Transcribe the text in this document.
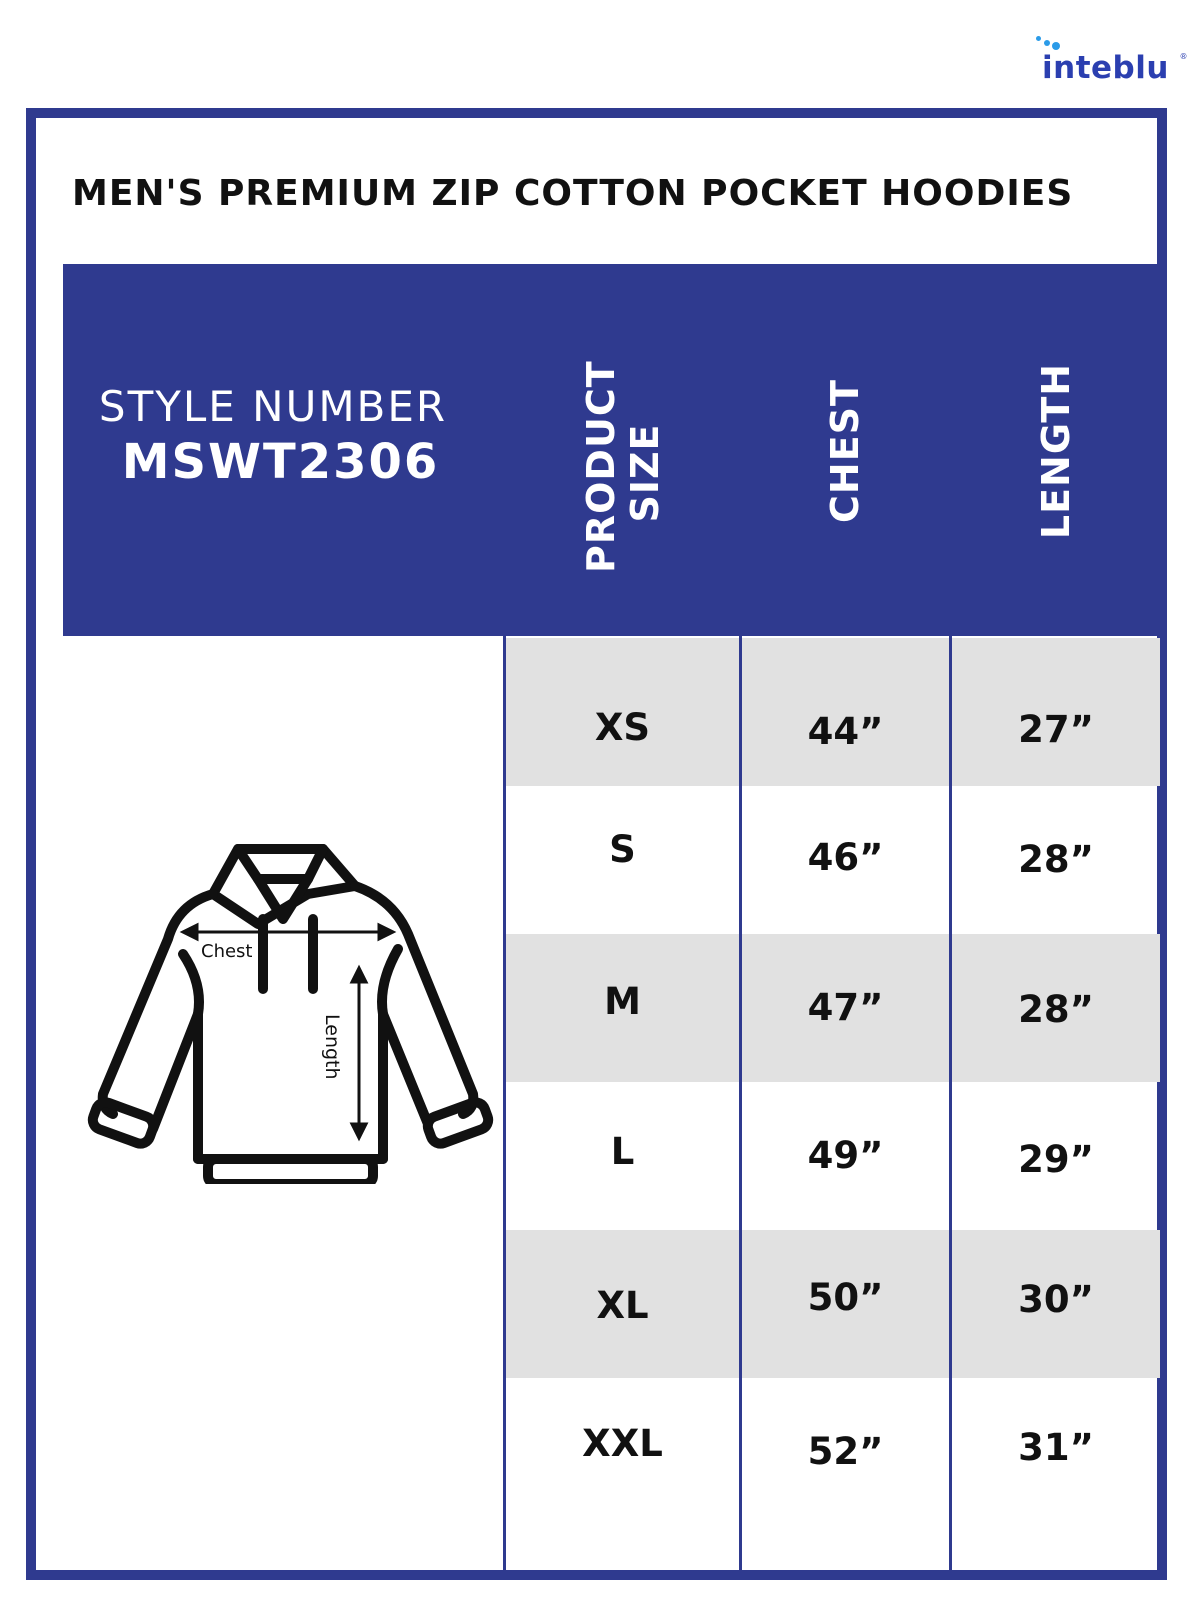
inteblu ®
MEN'S PREMIUM ZIP COTTON POCKET HOODIES
STYLE NUMBER
MSWT2306	PRODUCT SIZE	CHEST	LENGTH
XS	44”	27”
S	46”	28”
M	47”	28”
L	49”	29”
XL	50”	30”
XXL	52”	31”
Chest
Length
